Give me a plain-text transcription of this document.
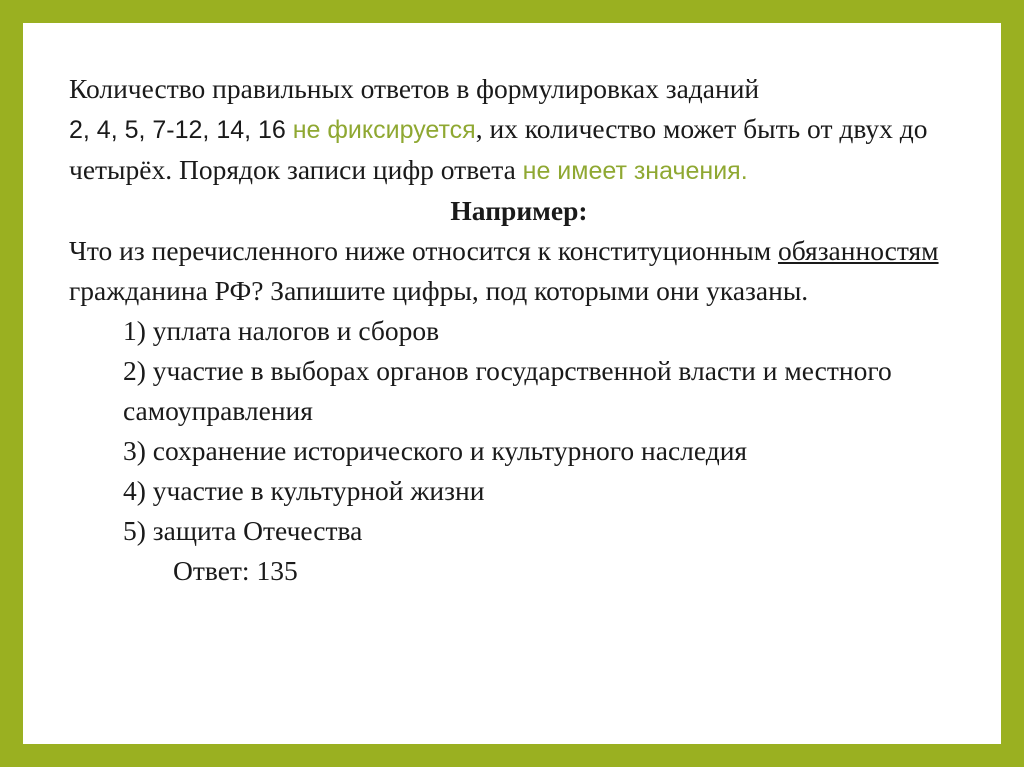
Количество правильных ответов в формулировках заданий
2, 4, 5, 7-12, 14, 16 не фиксируется, их количество может быть от двух до четырёх. Порядок записи цифр ответа не имеет значения.

Например:

Что из перечисленного ниже относится к конституционным обязанностям гражданина РФ? Запишите цифры, под которыми они указаны.

1) уплата налогов и сборов

2) участие в выборах органов государственной власти и местного самоуправления

3) сохранение исторического и культурного наследия

4) участие в культурной жизни

5) защита Отечества

Ответ: 135
